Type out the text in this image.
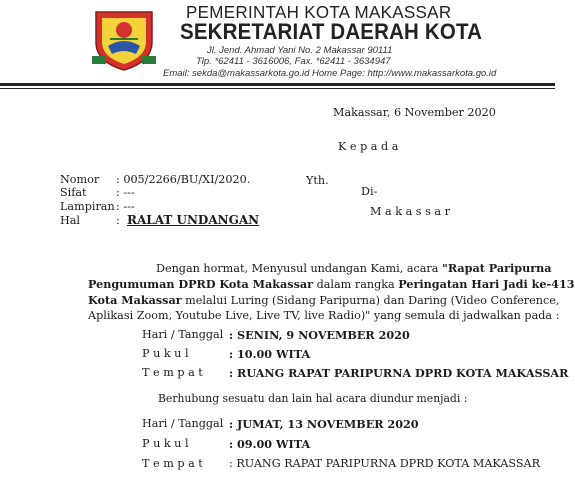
PEMERINTAH KOTA MAKASSAR
SEKRETARIAT DAERAH KOTA
Jl. Jend. Ahmad Yani No. 2 Makassar 90111
Tlp. *62411 - 3616006, Fax. *62411 - 3634947
Email: sekda@makassarkota.go.id Home Page: http://www.makassarkota.go.id
Makassar, 6 November 2020
K e p a d a
Yth.
Di-
M a k a s s a r
Nomor : 005/2266/BU/XI/2020.
Sifat	: ---
Lampiran : ---
Hal	: RALAT UNDANGAN
Dengan hormat, Menyusul undangan Kami, acara "Rapat Paripurna
Pengumuman DPRD Kota Makassar dalam rangka Peringatan Hari Jadi ke-413
Kota Makassar melalui Luring (Sidang Paripurna) dan Daring (Video Conference,
Aplikasi Zoom, Youtube Live, Live TV, live Radio)" yang semula di jadwalkan pada :
Hari / Tanggal : SENIN, 9 NOVEMBER 2020
P u k u l	: 10.00 WITA
T e m p a t : RUANG RAPAT PARIPURNA DPRD KOTA MAKASSAR
Berhubung sesuatu dan lain hal acara diundur menjadi :
Hari / Tanggal : JUMAT, 13 NOVEMBER 2020
P u k u l	: 09.00 WITA
T e m p a t : RUANG RAPAT PARIPURNA DPRD KOTA MAKASSAR
